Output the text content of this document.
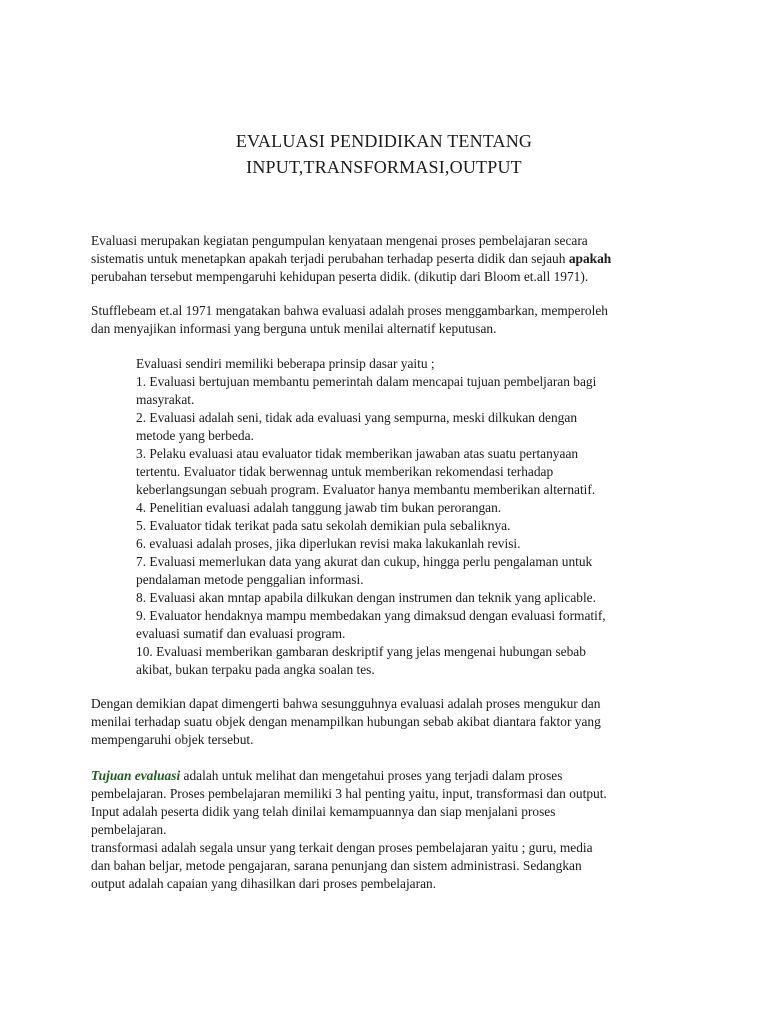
EVALUASI PENDIDIKAN TENTANG
INPUT,TRANSFORMASI,OUTPUT
Evaluasi merupakan kegiatan pengumpulan kenyataan mengenai proses pembelajaran secara
sistematis untuk menetapkan apakah terjadi perubahan terhadap peserta didik dan sejauh apakah
perubahan tersebut mempengaruhi kehidupan peserta didik. (dikutip dari Bloom et.all 1971).
Stufflebeam et.al 1971 mengatakan bahwa evaluasi adalah proses menggambarkan, memperoleh
dan menyajikan informasi yang berguna untuk menilai alternatif keputusan.
Evaluasi sendiri memiliki beberapa prinsip dasar yaitu ;
1. Evaluasi bertujuan membantu pemerintah dalam mencapai tujuan pembeljaran bagi
masyrakat.
2. Evaluasi adalah seni, tidak ada evaluasi yang sempurna, meski dilkukan dengan
metode yang berbeda.
3. Pelaku evaluasi atau evaluator tidak memberikan jawaban atas suatu pertanyaan
tertentu. Evaluator tidak berwennag untuk memberikan rekomendasi terhadap
keberlangsungan sebuah program. Evaluator hanya membantu memberikan alternatif.
4. Penelitian evaluasi adalah tanggung jawab tim bukan perorangan.
5. Evaluator tidak terikat pada satu sekolah demikian pula sebaliknya.
6. evaluasi adalah proses, jika diperlukan revisi maka lakukanlah revisi.
7. Evaluasi memerlukan data yang akurat dan cukup, hingga perlu pengalaman untuk
pendalaman metode penggalian informasi.
8. Evaluasi akan mntap apabila dilkukan dengan instrumen dan teknik yang aplicable.
9. Evaluator hendaknya mampu membedakan yang dimaksud dengan evaluasi formatif,
evaluasi sumatif dan evaluasi program.
10. Evaluasi memberikan gambaran deskriptif yang jelas mengenai hubungan sebab
akibat, bukan terpaku pada angka soalan tes.
Dengan demikian dapat dimengerti bahwa sesungguhnya evaluasi adalah proses mengukur dan
menilai terhadap suatu objek dengan menampilkan hubungan sebab akibat diantara faktor yang
mempengaruhi objek tersebut.
Tujuan evaluasi adalah untuk melihat dan mengetahui proses yang terjadi dalam proses
pembelajaran. Proses pembelajaran memiliki 3 hal penting yaitu, input, transformasi dan output.
Input adalah peserta didik yang telah dinilai kemampuannya dan siap menjalani proses
pembelajaran.
transformasi adalah segala unsur yang terkait dengan proses pembelajaran yaitu ; guru, media
dan bahan beljar, metode pengajaran, sarana penunjang dan sistem administrasi. Sedangkan
output adalah capaian yang dihasilkan dari proses pembelajaran.
